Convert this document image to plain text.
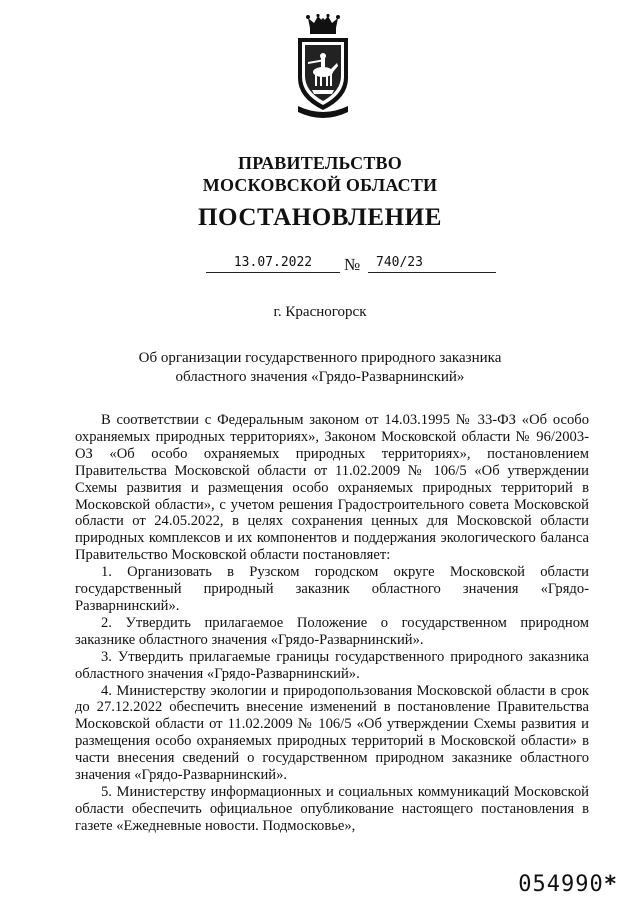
ПРАВИТЕЛЬСТВО
МОСКОВСКОЙ ОБЛАСТИ
ПОСТАНОВЛЕНИЕ
13.07.2022	№	740/23
г. Красногорск
Об организации государственного природного заказника
областного значения «Грядо-Разварнинский»

В соответствии с Федеральным законом от 14.03.1995 № 33-ФЗ «Об особо охраняемых природных территориях», Законом Московской области № 96/2003-ОЗ «Об особо охраняемых природных территориях», постановлением Правительства Московской области от 11.02.2009 № 106/5 «Об утверждении Схемы развития и размещения особо охраняемых природных территорий в Московской области», с учетом решения Градостроительного совета Московской области от 24.05.2022, в целях сохранения ценных для Московской области природных комплексов и их компонентов и поддержания экологического баланса Правительство Московской области постановляет:

1. Организовать в Рузском городском округе Московской области государственный природный заказник областного значения «Грядо-Разварнинский».

2. Утвердить прилагаемое Положение о государственном природном заказнике областного значения «Грядо-Разварнинский».

3. Утвердить прилагаемые границы государственного природного заказника областного значения «Грядо-Разварнинский».

4. Министерству экологии и природопользования Московской области в срок до 27.12.2022 обеспечить внесение изменений в постановление Правительства Московской области от 11.02.2009 № 106/5 «Об утверждении Схемы развития и размещения особо охраняемых природных территорий в Московской области» в части внесения сведений о государственном природном заказнике областного значения «Грядо-Разварнинский».

5. Министерству информационных и социальных коммуникаций Московской области обеспечить официальное опубликование настоящего постановления в газете «Ежедневные новости. Подмосковье»,

054990*
